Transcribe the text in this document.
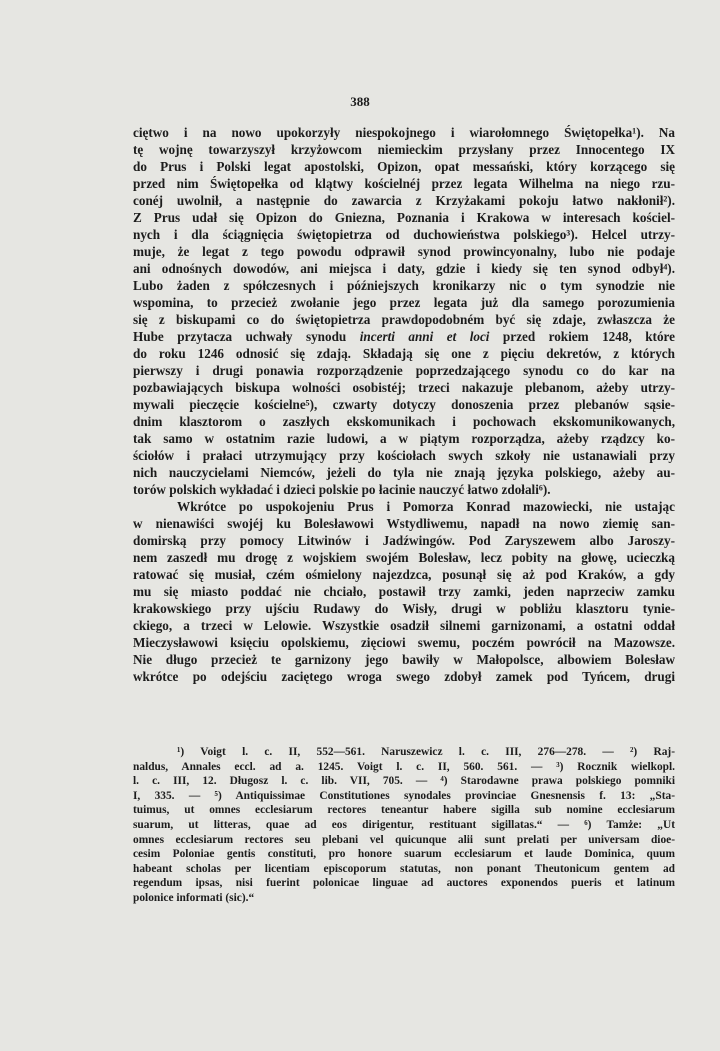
388

ciętwo i na nowo upokorzyły niespokojnego i wiarołomnego Świętopełka¹). Na
tę wojnę towarzyszył krzyżowcom niemieckim przysłany przez Innocentego IX
do Prus i Polski legat apostolski, Opizon, opat messański, który korzącego się
przed nim Świętopełka od klątwy kościelnéj przez legata Wilhelma na niego rzu-
conéj uwolnił, a następnie do zawarcia z Krzyżakami pokoju łatwo nakłonił²).
Z Prus udał się Opizon do Gniezna, Poznania i Krakowa w interesach kościel-
nych i dla ściągnięcia świętopietrza od duchowieństwa polskiego³). Helcel utrzy-
muje, że legat z tego powodu odprawił synod prowincyonalny, lubo nie podaje
ani odnośnych dowodów, ani miejsca i daty, gdzie i kiedy się ten synod odbył⁴).
Lubo żaden z spółczesnych i późniejszych kronikarzy nic o tym synodzie nie
wspomina, to przecież zwołanie jego przez legata już dla samego porozumienia
się z biskupami co do świętopietrza prawdopodobném być się zdaje, zwłaszcza że
Hube przytacza uchwały synodu incerti anni et loci przed rokiem 1248, które
do roku 1246 odnosić się zdają. Składają się one z pięciu dekretów, z których
pierwszy i drugi ponawia rozporządzenie poprzedzającego synodu co do kar na
pozbawiających biskupa wolności osobistéj; trzeci nakazuje plebanom, ażeby utrzy-
mywali pieczęcie kościelne⁵), czwarty dotyczy donoszenia przez plebanów sąsie-
dnim klasztorom o zaszłych ekskomunikach i pochowach ekskomunikowanych,
tak samo w ostatnim razie ludowi, a w piątym rozporządza, ażeby rządzcy ko-
ściołów i prałaci utrzymujący przy kościołach swych szkoły nie ustanawiali przy
nich nauczycielami Niemców, jeżeli do tyla nie znają języka polskiego, ażeby au-
torów polskich wykładać i dzieci polskie po łacinie nauczyć łatwo zdołali⁶).

Wkrótce po uspokojeniu Prus i Pomorza Konrad mazowiecki, nie ustając
w nienawiści swojéj ku Bolesławowi Wstydliwemu, napadł na nowo ziemię san-
domirską przy pomocy Litwinów i Jadźwingów. Pod Zaryszewem albo Jaroszy-
nem zaszedł mu drogę z wojskiem swojém Bolesław, lecz pobity na głowę, ucieczką
ratować się musiał, czém ośmielony najezdzca, posunął się aż pod Kraków, a gdy
mu się miasto poddać nie chciało, postawił trzy zamki, jeden naprzeciw zamku
krakowskiego przy ujściu Rudawy do Wisły, drugi w pobliżu klasztoru tynie-
ckiego, a trzeci w Lelowie. Wszystkie osadził silnemi garnizonami, a ostatni oddał
Mieczysławowi księciu opolskiemu, zięciowi swemu, poczém powrócił na Mazowsze.
Nie długo przecież te garnizony jego bawiły w Małopolsce, albowiem Bolesław
wkrótce po odejściu zaciętego wroga swego zdobył zamek pod Tyńcem, drugi

¹) Voigt l. c. II, 552—561. Naruszewicz l. c. III, 276—278. — ²) Raj-
naldus, Annales eccl. ad a. 1245. Voigt l. c. II, 560. 561. — ³) Rocznik wielkopl.
l. c. III, 12. Długosz l. c. lib. VII, 705. — ⁴) Starodawne prawa polskiego pomniki
I, 335. — ⁵) Antiquissimae Constitutiones synodales provinciae Gnesnensis f. 13: „Sta-
tuimus, ut omnes ecclesiarum rectores teneantur habere sigilla sub nomine ecclesiarum
suarum, ut litteras, quae ad eos dirigentur, restituant sigillatas.“ — ⁶) Tamże: „Ut
omnes ecclesiarum rectores seu plebani vel quicunque alii sunt prelati per universam dioe-
cesim Poloniae gentis constituti, pro honore suarum ecclesiarum et laude Dominica, quum
habeant scholas per licentiam episcoporum statutas, non ponant Theutonicum gentem ad
regendum ipsas, nisi fuerint polonicae linguae ad auctores exponendos pueris et latinum
polonice informati (sic).“
